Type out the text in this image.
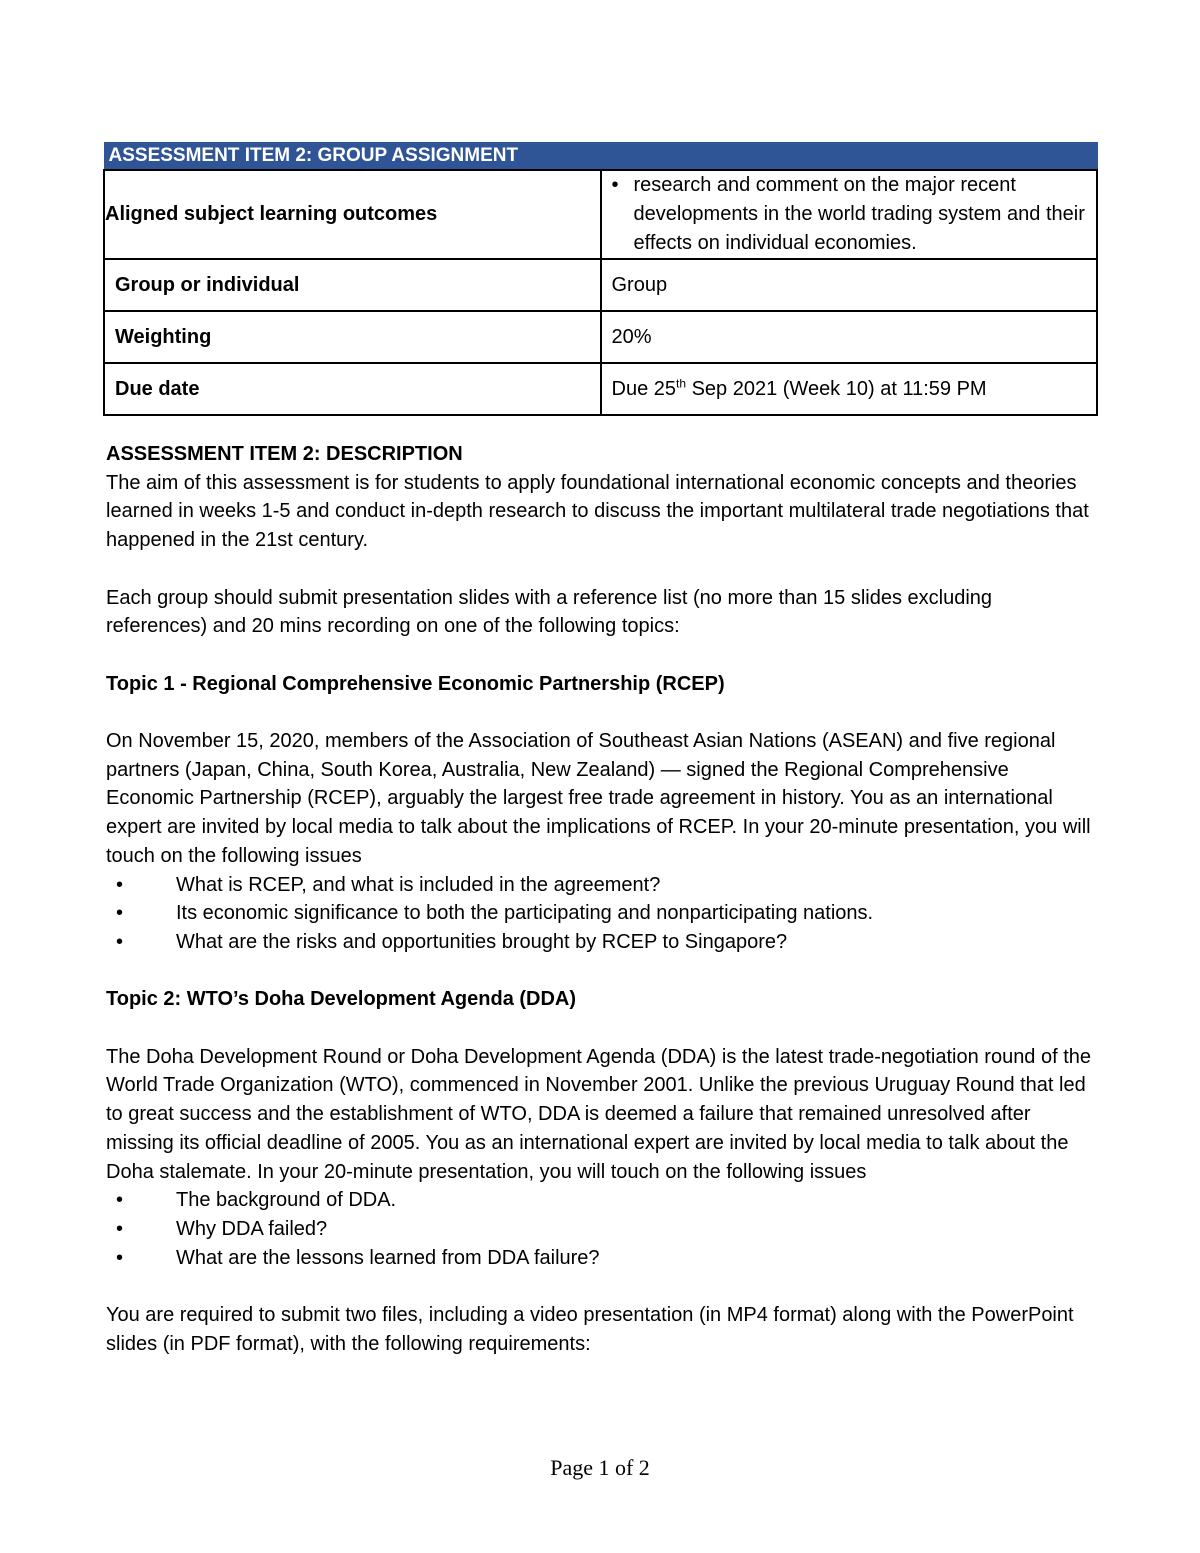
ASSESSMENT ITEM 2: GROUP ASSIGNMENT	
Aligned subject learning outcomes	• research and comment on the major recent developments in the world trading system and their effects on individual economies.

Group or individual	Group
Weighting	20%
Due date	Due 25th Sep 2021 (Week 10) at 11:59 PM

ASSESSMENT ITEM 2: DESCRIPTION

The aim of this assessment is for students to apply foundational international economic concepts and theories learned in weeks 1-5 and conduct in-depth research to discuss the important multilateral trade negotiations that happened in the 21st century.

Each group should submit presentation slides with a reference list (no more than 15 slides excluding references) and 20 mins recording on one of the following topics:

Topic 1 - Regional Comprehensive Economic Partnership (RCEP)

On November 15, 2020, members of the Association of Southeast Asian Nations (ASEAN) and five regional partners (Japan, China, South Korea, Australia, New Zealand) — signed the Regional Comprehensive Economic Partnership (RCEP), arguably the largest free trade agreement in history. You as an international expert are invited by local media to talk about the implications of RCEP. In your 20-minute presentation, you will touch on the following issues

•	What is RCEP, and what is included in the agreement?
•	Its economic significance to both the participating and nonparticipating nations.
•	What are the risks and opportunities brought by RCEP to Singapore?

Topic 2: WTO’s Doha Development Agenda (DDA)

The Doha Development Round or Doha Development Agenda (DDA) is the latest trade-negotiation round of the World Trade Organization (WTO), commenced in November 2001. Unlike the previous Uruguay Round that led to great success and the establishment of WTO, DDA is deemed a failure that remained unresolved after missing its official deadline of 2005. You as an international expert are invited by local media to talk about the Doha stalemate. In your 20-minute presentation, you will touch on the following issues

•	The background of DDA.
•	Why DDA failed?
•	What are the lessons learned from DDA failure?

You are required to submit two files, including a video presentation (in MP4 format) along with the PowerPoint slides (in PDF format), with the following requirements:

Page 1 of 2
